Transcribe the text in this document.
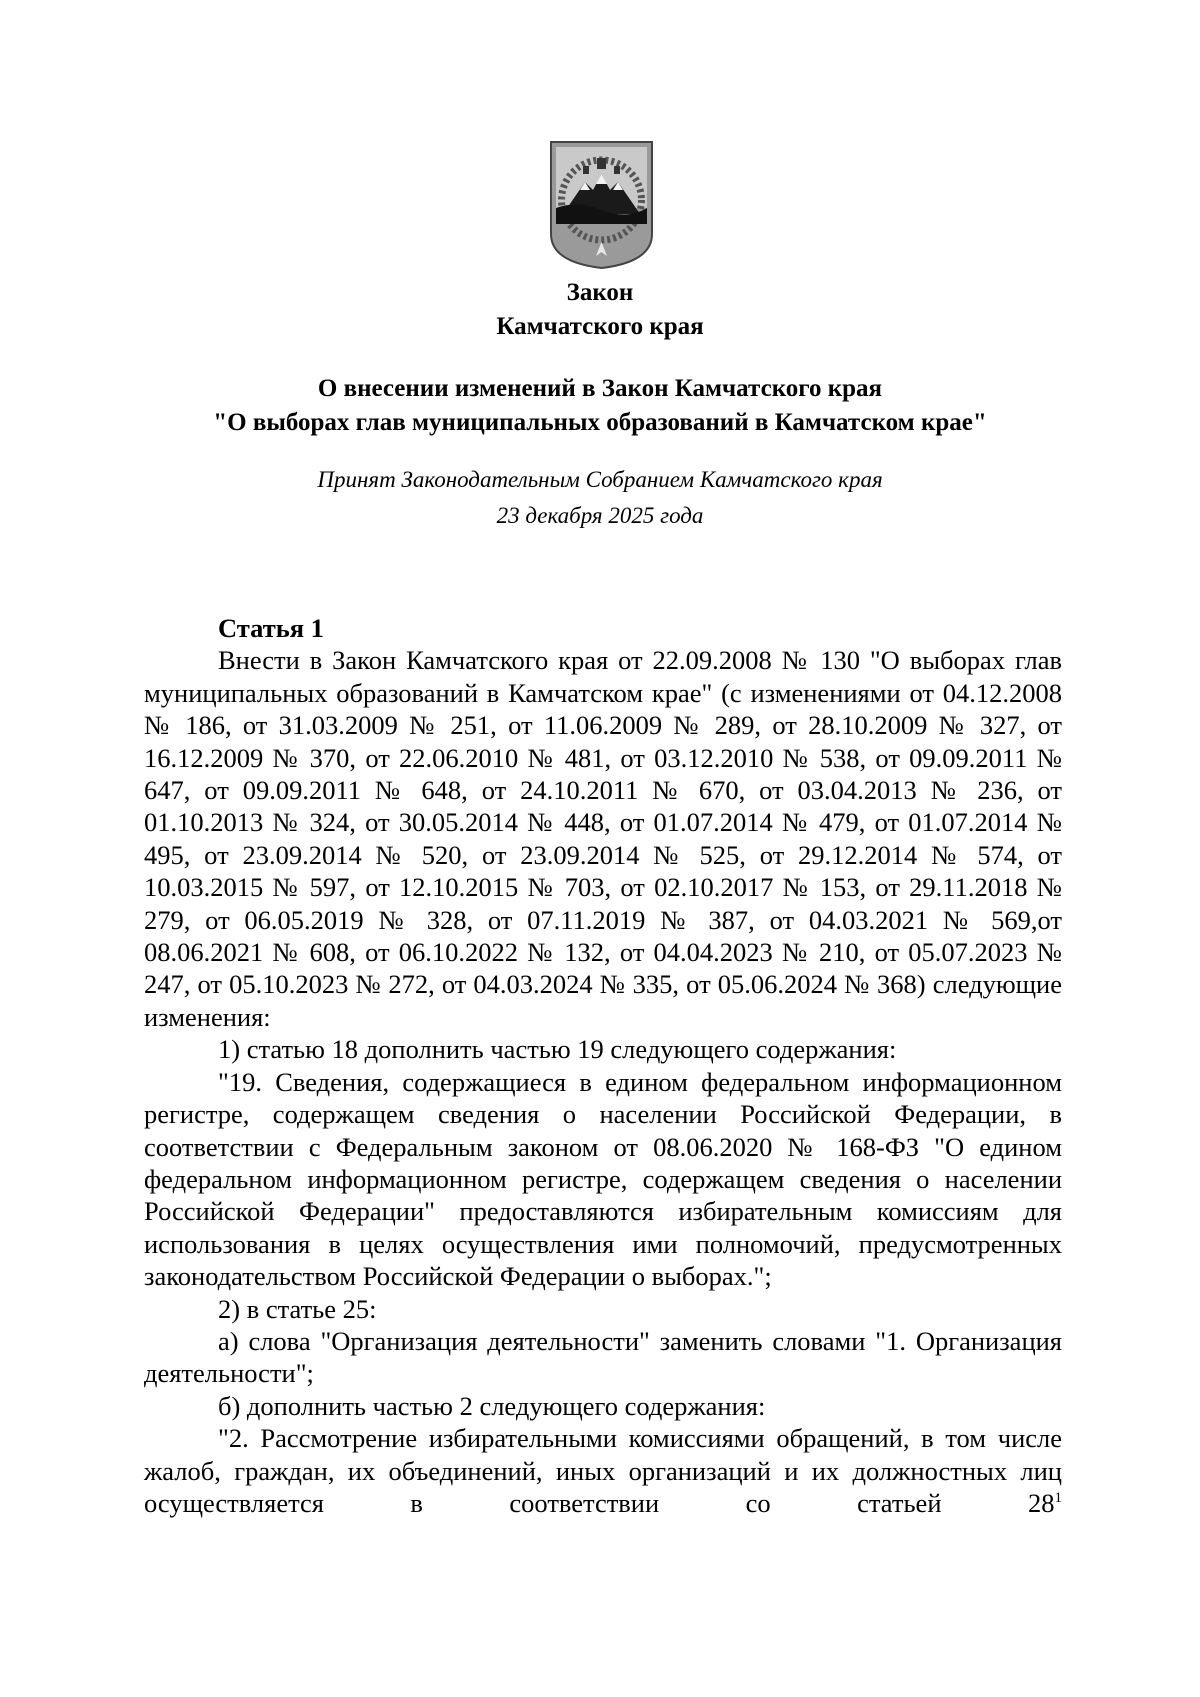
Закон
Камчатского края
О внесении изменений в Закон Камчатского края
"О выборах глав муниципальных образований в Камчатском крае"
Принят Законодательным Собранием Камчатского края
23 декабря 2025 года

Статья 1

Внести в Закон Камчатского края от 22.09.2008 № 130 "О выборах глав муниципальных образований в Камчатском крае" (с изменениями от 04.12.2008 № 186, от 31.03.2009 № 251, от 11.06.2009 № 289, от 28.10.2009 № 327, от 16.12.2009 № 370, от 22.06.2010 № 481, от 03.12.2010 № 538, от 09.09.2011 № 647, от 09.09.2011 № 648, от 24.10.2011 № 670, от 03.04.2013 № 236, от 01.10.2013 № 324, от 30.05.2014 № 448, от 01.07.2014 № 479, от 01.07.2014 № 495, от 23.09.2014 № 520, от 23.09.2014 № 525, от 29.12.2014 № 574, от 10.03.2015 № 597, от 12.10.2015 № 703, от 02.10.2017 № 153, от 29.11.2018 № 279, от 06.05.2019 № 328, от 07.11.2019 № 387, от 04.03.2021 № 569,от 08.06.2021 № 608, от 06.10.2022 № 132, от 04.04.2023 № 210, от 05.07.2023 № 247, от 05.10.2023 № 272, от 04.03.2024 № 335, от 05.06.2024 № 368) следующие изменения:

1) статью 18 дополнить частью 19 следующего содержания:

"19. Сведения, содержащиеся в едином федеральном информационном регистре, содержащем сведения о населении Российской Федерации, в соответствии с Федеральным законом от 08.06.2020 № 168-ФЗ "О едином федеральном информационном регистре, содержащем сведения о населении Российской Федерации" предоставляются избирательным комиссиям для использования в целях осуществления ими полномочий, предусмотренных законодательством Российской Федерации о выборах.";

2) в статье 25:

а) слова "Организация деятельности" заменить словами "1. Организация деятельности";

б) дополнить частью 2 следующего содержания:

"2. Рассмотрение избирательными комиссиями обращений, в том числе жалоб, граждан, их объединений, иных организаций и их должностных лиц осуществляется в соответствии со статьей $28^1$
